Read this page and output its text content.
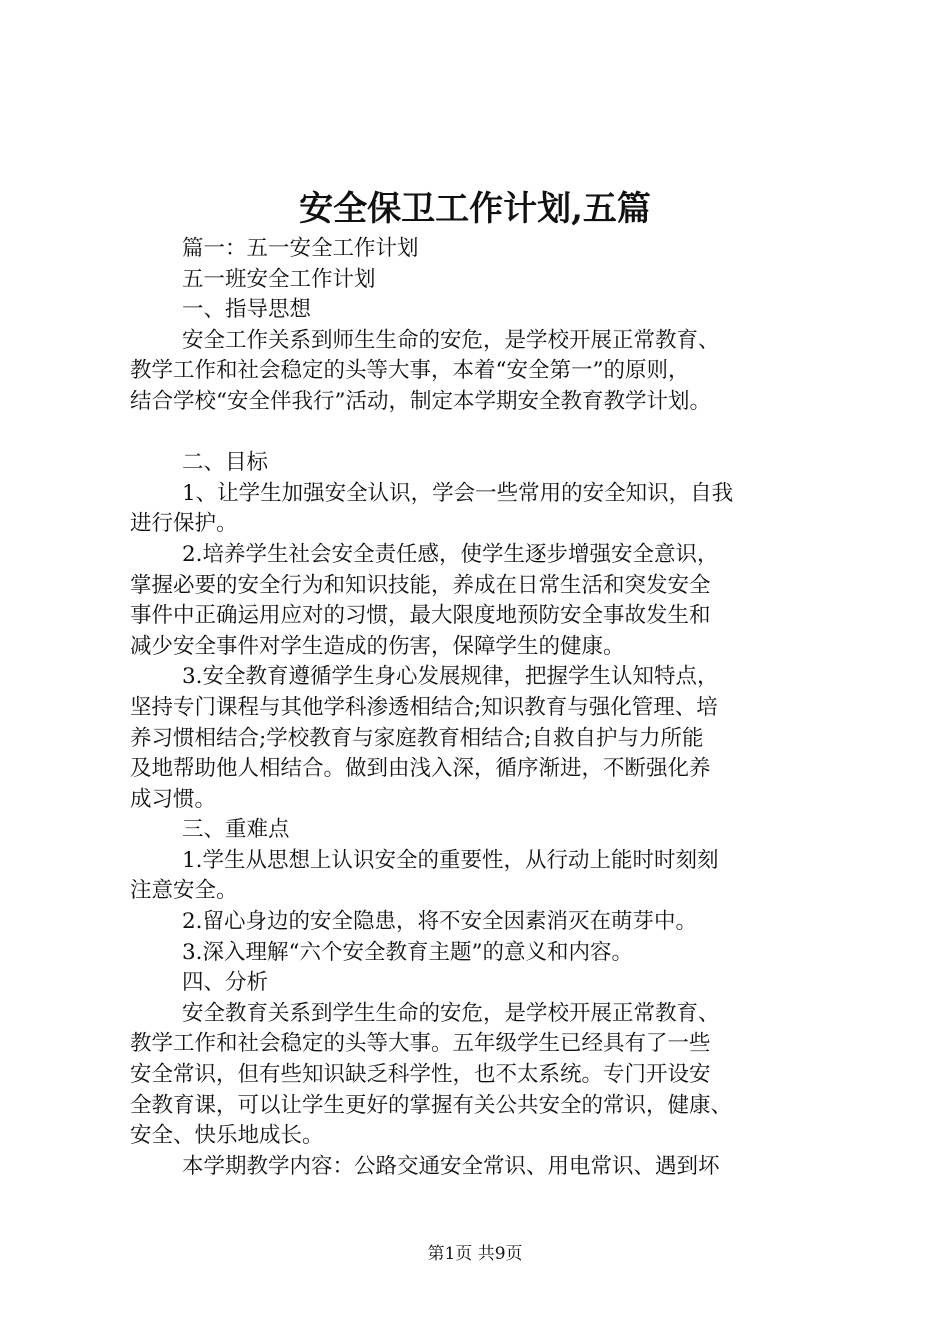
安全保卫工作计划,五篇
篇一：五一安全工作计划
五一班安全工作计划
一、指导思想
安全工作关系到师生生命的安危，是学校开展正常教育、
教学工作和社会稳定的头等大事，本着“安全第一”的原则，
结合学校“安全伴我行”活动，制定本学期安全教育教学计划。
二、目标
1、让学生加强安全认识，学会一些常用的安全知识，自我
进行保护。
2.培养学生社会安全责任感，使学生逐步增强安全意识，
掌握必要的安全行为和知识技能，养成在日常生活和突发安全
事件中正确运用应对的习惯，最大限度地预防安全事故发生和
减少安全事件对学生造成的伤害，保障学生的健康。
3.安全教育遵循学生身心发展规律，把握学生认知特点，
坚持专门课程与其他学科渗透相结合;知识教育与强化管理、培
养习惯相结合;学校教育与家庭教育相结合;自救自护与力所能
及地帮助他人相结合。做到由浅入深，循序渐进，不断强化养
成习惯。
三、重难点
1.学生从思想上认识安全的重要性，从行动上能时时刻刻
注意安全。
2.留心身边的安全隐患，将不安全因素消灭在萌芽中。
3.深入理解“六个安全教育主题”的意义和内容。
四、分析
安全教育关系到学生生命的安危，是学校开展正常教育、
教学工作和社会稳定的头等大事。五年级学生已经具有了一些
安全常识，但有些知识缺乏科学性，也不太系统。专门开设安
全教育课，可以让学生更好的掌握有关公共安全的常识，健康、
安全、快乐地成长。
本学期教学内容：公路交通安全常识、用电常识、遇到坏
第1页 共9页
